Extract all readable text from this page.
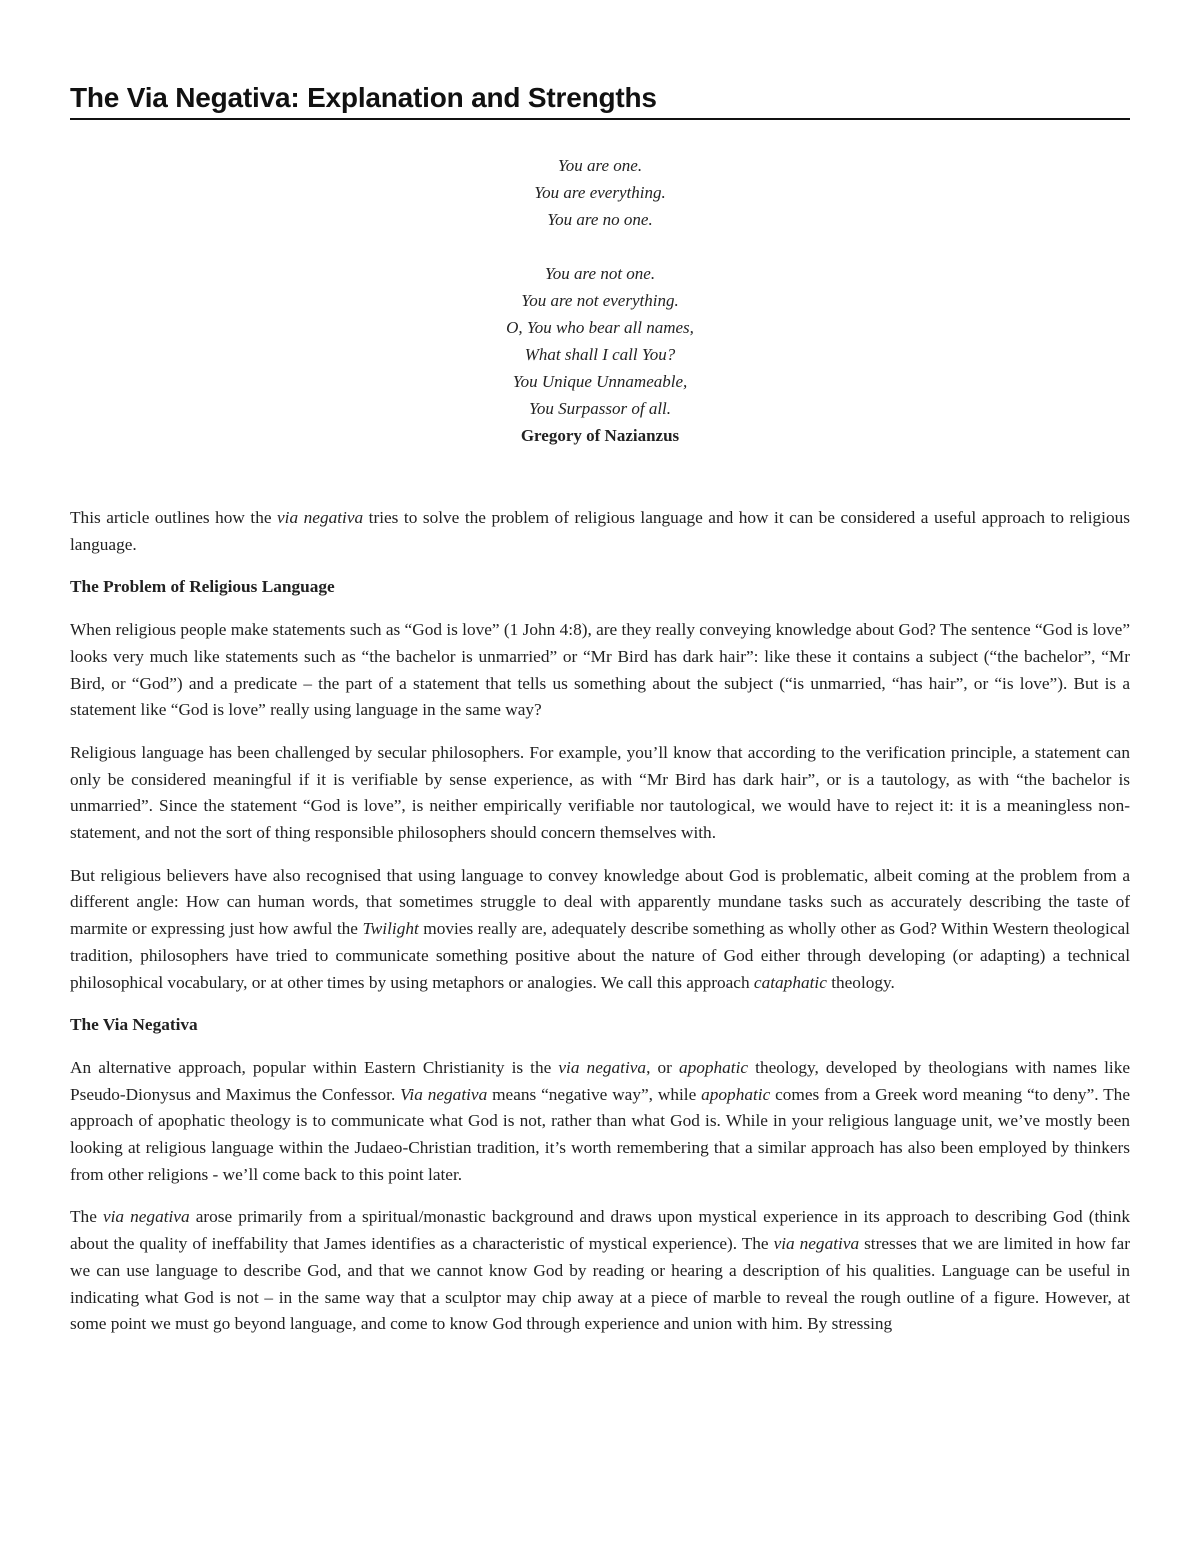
The Via Negativa: Explanation and Strengths
You are one.
You are everything.
You are no one.
You are not one.
You are not everything.
O, You who bear all names,
What shall I call You?
You Unique Unnameable,
You Surpassor of all.
Gregory of Nazianzus

This article outlines how the via negativa tries to solve the problem of religious language and how it can be considered a useful approach to religious language.

The Problem of Religious Language

When religious people make statements such as “God is love” (1 John 4:8), are they really conveying knowledge about God? The sentence “God is love” looks very much like statements such as “the bachelor is unmarried” or “Mr Bird has dark hair”: like these it contains a subject (“the bachelor”, “Mr Bird, or “God”) and a predicate – the part of a statement that tells us something about the subject (“is unmarried, “has hair”, or “is love”). But is a statement like “God is love” really using language in the same way?

Religious language has been challenged by secular philosophers. For example, you’ll know that according to the verification principle, a statement can only be considered meaningful if it is verifiable by sense experience, as with “Mr Bird has dark hair”, or is a tautology, as with “the bachelor is unmarried”. Since the statement “God is love”, is neither empirically verifiable nor tautological, we would have to reject it: it is a meaningless non-statement, and not the sort of thing responsible philosophers should concern themselves with.

But religious believers have also recognised that using language to convey knowledge about God is problematic, albeit coming at the problem from a different angle: How can human words, that sometimes struggle to deal with apparently mundane tasks such as accurately describing the taste of marmite or expressing just how awful the Twilight movies really are, adequately describe something as wholly other as God? Within Western theological tradition, philosophers have tried to communicate something positive about the nature of God either through developing (or adapting) a technical philosophical vocabulary, or at other times by using metaphors or analogies. We call this approach cataphatic theology.

The Via Negativa

An alternative approach, popular within Eastern Christianity is the via negativa, or apophatic theology, developed by theologians with names like Pseudo-Dionysus and Maximus the Confessor. Via negativa means “negative way”, while apophatic comes from a Greek word meaning “to deny”. The approach of apophatic theology is to communicate what God is not, rather than what God is. While in your religious language unit, we’ve mostly been looking at religious language within the Judaeo-Christian tradition, it’s worth remembering that a similar approach has also been employed by thinkers from other religions - we’ll come back to this point later.

The via negativa arose primarily from a spiritual/monastic background and draws upon mystical experience in its approach to describing God (think about the quality of ineffability that James identifies as a characteristic of mystical experience). The via negativa stresses that we are limited in how far we can use language to describe God, and that we cannot know God by reading or hearing a description of his qualities. Language can be useful in indicating what God is not – in the same way that a sculptor may chip away at a piece of marble to reveal the rough outline of a figure. However, at some point we must go beyond language, and come to know God through experience and union with him. By stressing
